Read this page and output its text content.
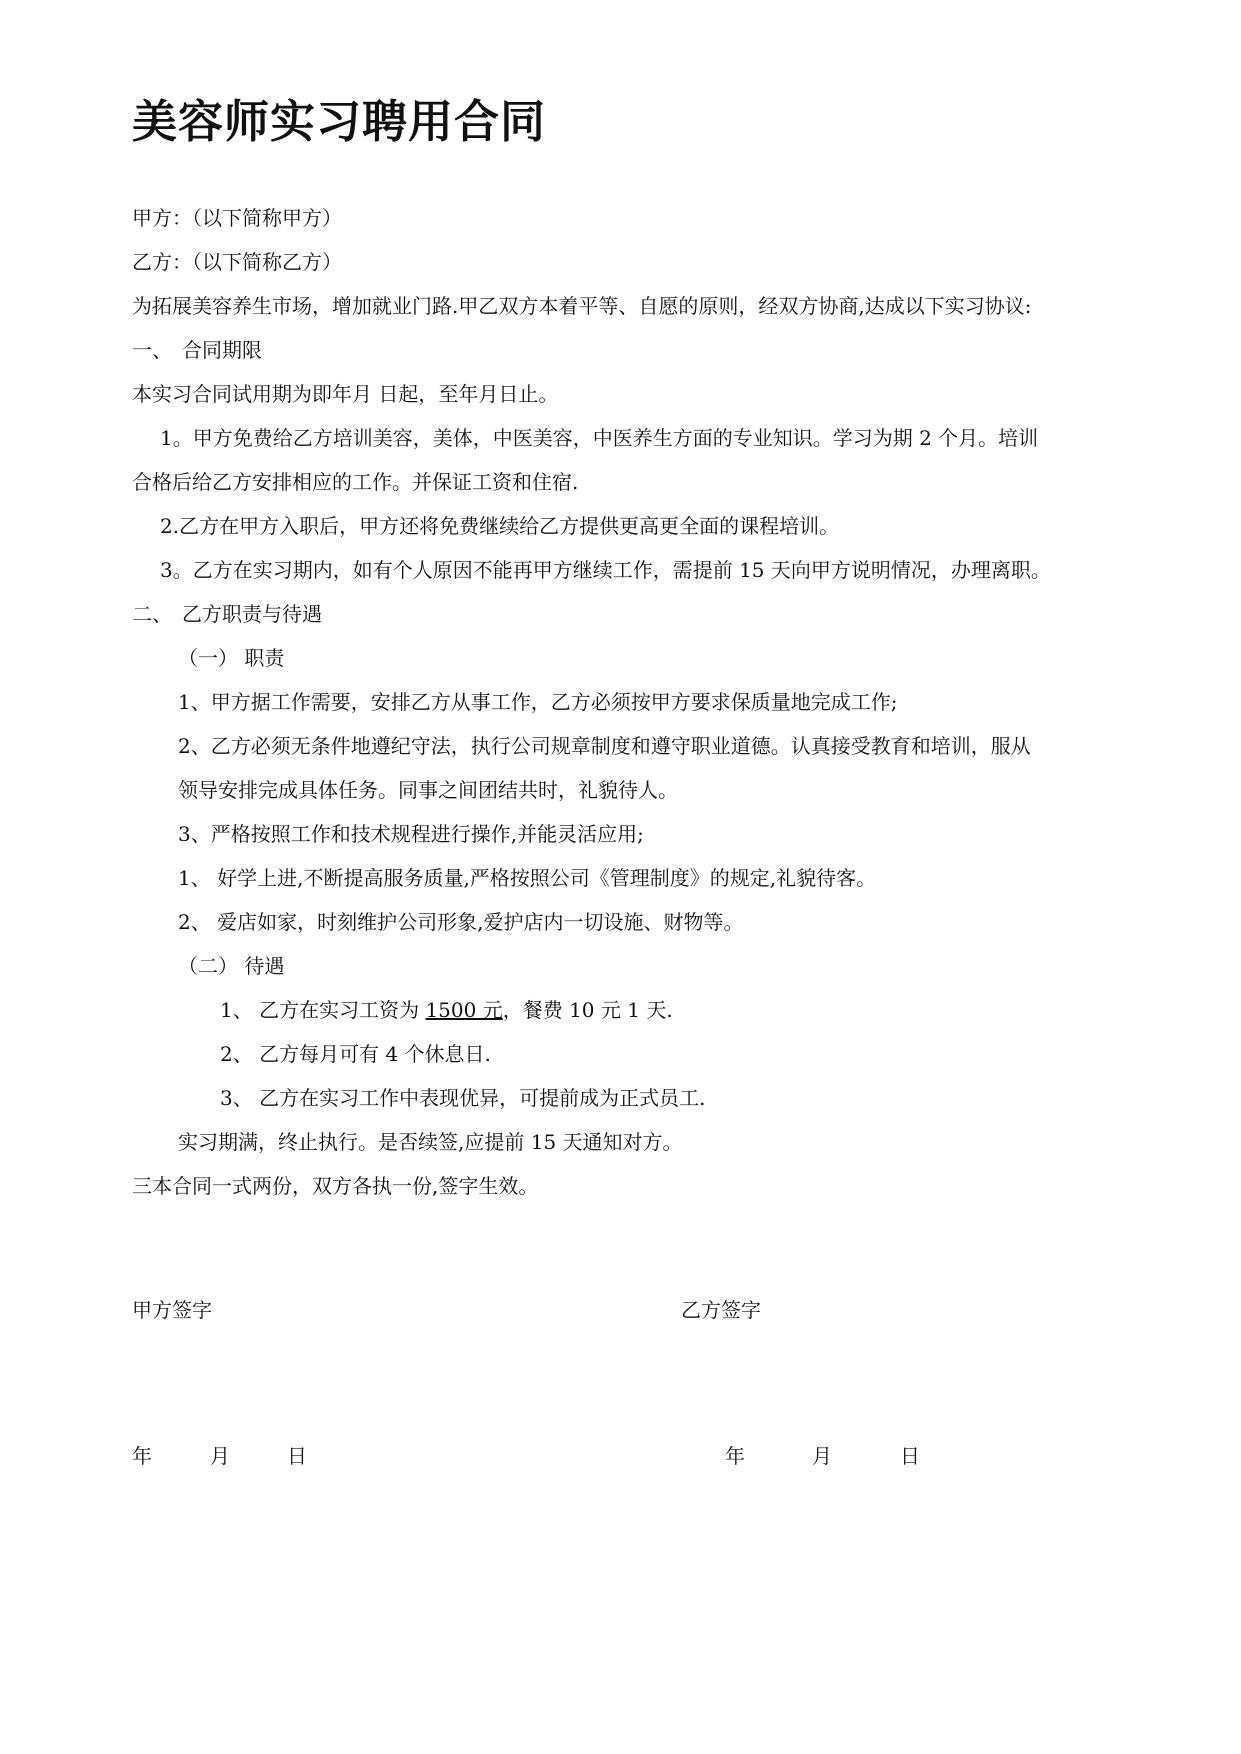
美容师实习聘用合同
甲方：（以下简称甲方）
乙方：（以下简称乙方）
为拓展美容养生市场，增加就业门路.甲乙双方本着平等、自愿的原则，经双方协商,达成以下实习协议:
一、 合同期限
本实习合同试用期为即年月 日起，至年月日止。
1。甲方免费给乙方培训美容，美体，中医美容，中医养生方面的专业知识。学习为期 2 个月。培训
合格后给乙方安排相应的工作。并保证工资和住宿.
2.乙方在甲方入职后，甲方还将免费继续给乙方提供更高更全面的课程培训。
3。乙方在实习期内，如有个人原因不能再甲方继续工作，需提前 15 天向甲方说明情况，办理离职。
二、 乙方职责与待遇
（一） 职责
1、甲方据工作需要，安排乙方从事工作，乙方必须按甲方要求保质量地完成工作;
2、乙方必须无条件地遵纪守法，执行公司规章制度和遵守职业道德。认真接受教育和培训，服从
领导安排完成具体任务。同事之间团结共时，礼貌待人。
3、严格按照工作和技术规程进行操作,并能灵活应用;
1、 好学上进,不断提高服务质量,严格按照公司《管理制度》的规定,礼貌待客。
2、 爱店如家，时刻维护公司形象,爱护店内一切设施、财物等。
（二） 待遇
1、 乙方在实习工资为 1500 元，餐费 10 元 1 天.
2、 乙方每月可有 4 个休息日.
3、 乙方在实习工作中表现优异，可提前成为正式员工.
实习期满，终止执行。是否续签,应提前 15 天通知对方。
三本合同一式两份，双方各执一份,签字生效。
甲方签字	乙方签字
年	月	日	年	月	日
